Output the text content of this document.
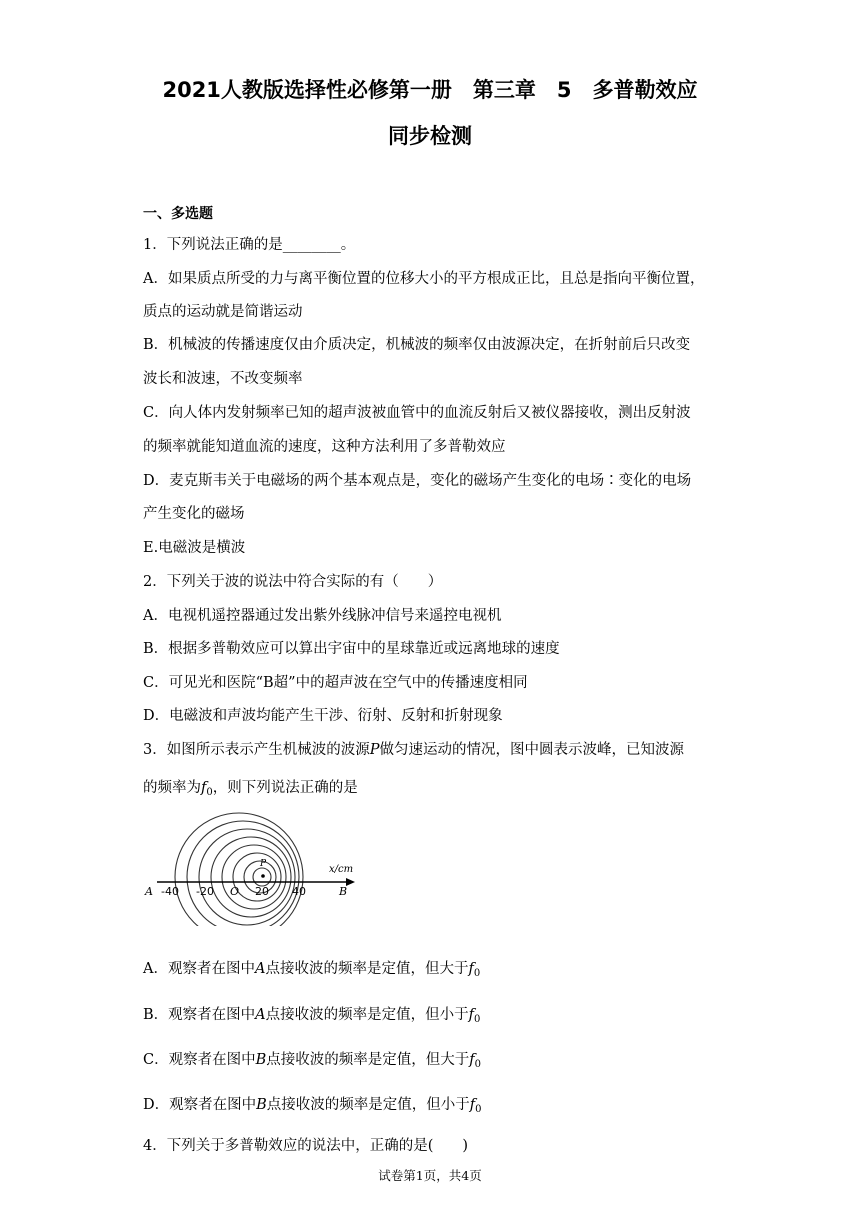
2021人教版选择性必修第一册　第三章　5　多普勒效应
同步检测
一、多选题
1．下列说法正确的是________。
A．如果质点所受的力与离平衡位置的位移大小的平方根成正比，且总是指向平衡位置，
质点的运动就是简谐运动
B．机械波的传播速度仅由介质决定，机械波的频率仅由波源决定，在折射前后只改变
波长和波速，不改变频率
C．向人体内发射频率已知的超声波被血管中的血流反射后又被仪器接收，测出反射波
的频率就能知道血流的速度，这种方法利用了多普勒效应
D．麦克斯韦关于电磁场的两个基本观点是，变化的磁场产生变化的电场∶变化的电场
产生变化的磁场
E.电磁波是横波
2．下列关于波的说法中符合实际的有（　　）
A．电视机遥控器通过发出紫外线脉冲信号来遥控电视机
B．根据多普勒效应可以算出宇宙中的星球靠近或远离地球的速度
C．可见光和医院“B超”中的超声波在空气中的传播速度相同
D．电磁波和声波均能产生干涉、衍射、反射和折射现象
3．如图所示表示产生机械波的波源P做匀速运动的情况，图中圆表示波峰，已知波源
的频率为$f_0$，则下列说法正确的是
x/cm
A	B
P
-40 -20 O 20 40
A．观察者在图中A点接收波的频率是定值，但大于$f_0$
B．观察者在图中A点接收波的频率是定值，但小于$f_0$
C．观察者在图中B点接收波的频率是定值，但大于$f_0$
D．观察者在图中B点接收波的频率是定值，但小于$f_0$
4．下列关于多普勒效应的说法中，正确的是(　　)
试卷第1页，共4页
